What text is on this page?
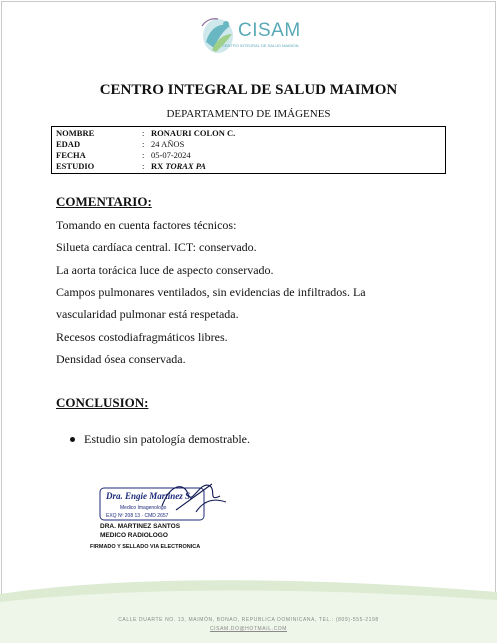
CISAM
CENTRO INTEGRAL DE SALUD MAIMON
CENTRO INTEGRAL DE SALUD MAIMON
DEPARTAMENTO DE IMÁGENES
NOMBRE	: RONAURI COLON C.
EDAD	: 24 AÑOS
FECHA	: 05-07-2024
ESTUDIO	: RX TORAX PA
COMENTARIO:
Tomando en cuenta factores técnicos:
Silueta cardíaca central. ICT: conservado.
La aorta torácica luce de aspecto conservado.
Campos pulmonares ventilados, sin evidencias de infiltrados. La
vascularidad pulmonar está respetada.
Recesos costodiafragmáticos libres.
Densidad ósea conservada.
CONCLUSION:
Estudio sin patología demostrable.
Dra. Engie Martinez S.
Medico Imagenologo
EXQ Nº 208 13 · CMD 2657
DRA. MARTINEZ SANTOS
MEDICO RADIOLOGO
FIRMADO Y SELLADO VIA ELECTRONICA
CALLE DUARTE NO. 13, MAIMÓN, BONAO, REPUBLICA DOMINICANA, TEL.: (809)-555-2198
CISAM.DO@HOTMAIL.COM
